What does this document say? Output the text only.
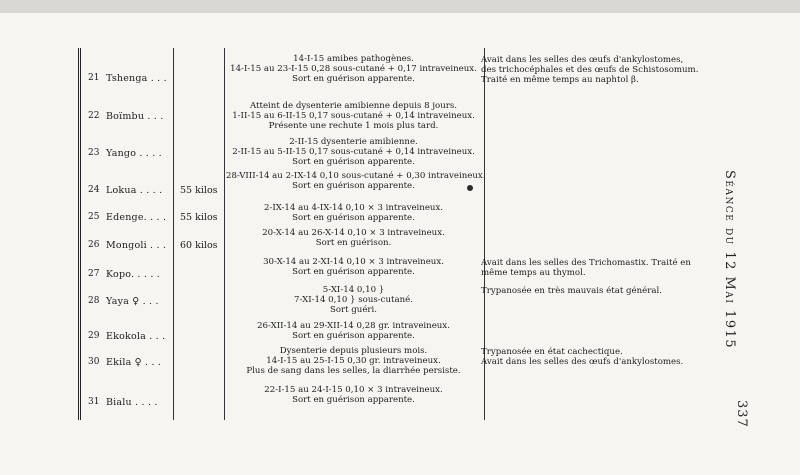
Séance du 12 Mai 1915
337
21 Tshenga . . .
14-I-15 amibes pathogènes.
14-I-15 au 23-I-15 0,28 sous-cutané + 0,17 intraveineux.
Sort en guérison apparente.
Avait dans les selles des œufs d'ankylostomes,
des trichocéphales et des œufs de Schistosomum.
Traité en même temps au naphtol β.
22 Boïmbu . . .
Atteint de dysenterie amibienne depuis 8 jours.
1-II-15 au 6-II-15 0,17 sous-cutané + 0,14 intraveineux.
Présente une rechute 1 mois plus tard.
23 Yango . . . .
2-II-15 dysenterie amibienne.
2-II-15 au 5-II-15 0,17 sous-cutané + 0,14 intraveineux.
Sort en guérison apparente.
24 Lokua . . . . 55 kilos
28-VIII-14 au 2-IX-14 0,10 sous-cutané + 0,30 intraveineux.
Sort en guérison apparente.
25 Edenge. . . . 55 kilos
2-IX-14 au 4-IX-14 0,10 × 3 intraveineux.
Sort en guérison apparente.
26 Mongoli . . . 60 kilos
20-X-14 au 26-X-14 0,10 × 3 intraveineux.
Sort en guérison.
27 Kopo. . . . .
30-X-14 au 2-XI-14 0,10 × 3 intraveineux.
Sort en guérison apparente.
Avait dans les selles des Trichomastix. Traité en
même temps au thymol.
28 Yaya ♀ . . .
5-XI-14 0,10 }
7-XI-14 0,10 } sous-cutané.
Sort guéri.
Trypanosée en très mauvais état général.
29 Ekokola . . .
26-XII-14 au 29-XII-14 0,28 gr. intraveineux.
Sort en guérison apparente.
30 Ekila ♀ . . .
Dysenterie depuis plusieurs mois.
14-I-15 au 25-I-15 0,30 gr. intraveineux.
Plus de sang dans les selles, la diarrhée persiste.
Trypanosée en état cachectique.
Avait dans les selles des œufs d'ankylostomes.
31 Bialu . . . .
22-I-15 au 24-I-15 0,10 × 3 intraveineux.
Sort en guérison apparente.
